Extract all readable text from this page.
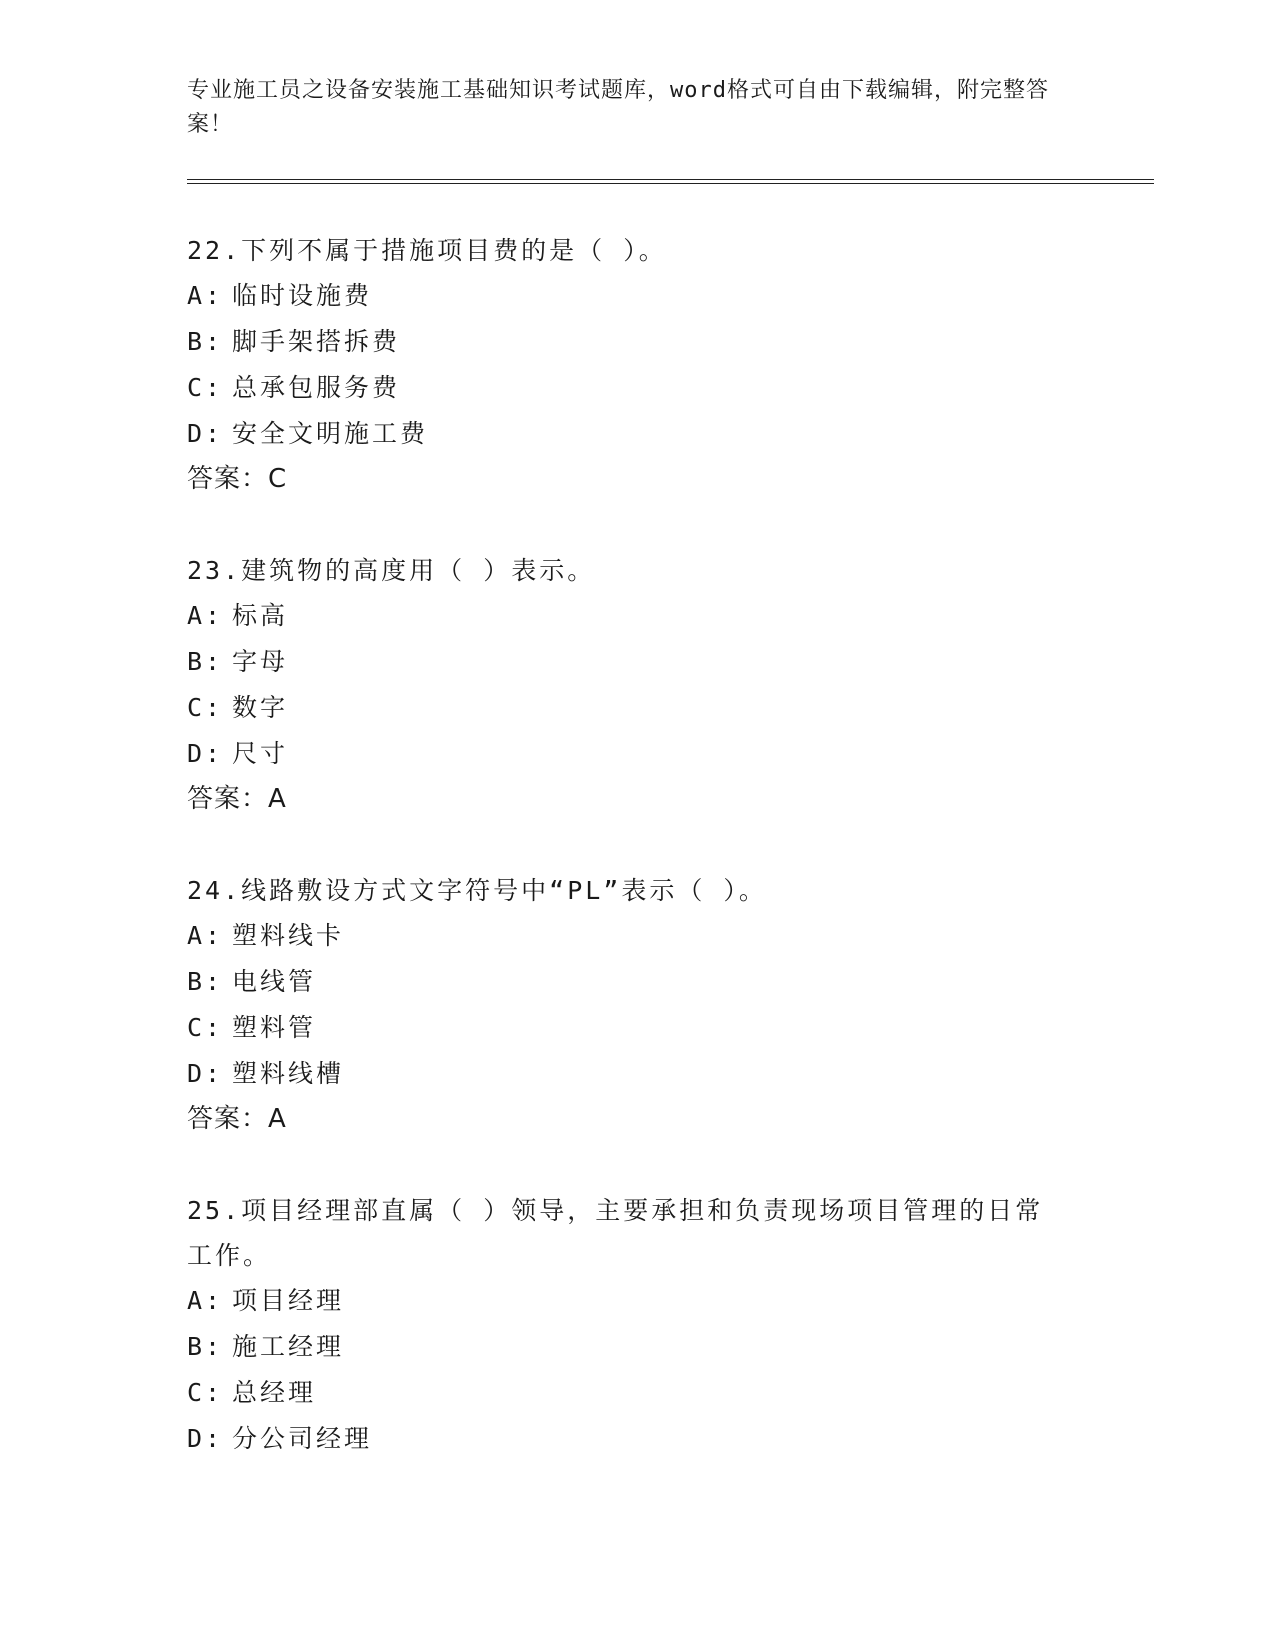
专业施工员之设备安装施工基础知识考试题库，word格式可自由下载编辑，附完整答案！

22.下列不属于措施项目费的是（ ）。

A: 临时设施费

B: 脚手架搭拆费

C: 总承包服务费

D: 安全文明施工费

答案：C

23.建筑物的高度用（ ）表示。

A: 标高

B: 字母

C: 数字

D: 尺寸

答案：A

24.线路敷设方式文字符号中“PL”表示（ ）。

A: 塑料线卡

B: 电线管

C: 塑料管

D: 塑料线槽

答案：A

25.项目经理部直属（ ）领导，主要承担和负责现场项目管理的日常工作。

A: 项目经理

B: 施工经理

C: 总经理

D: 分公司经理
